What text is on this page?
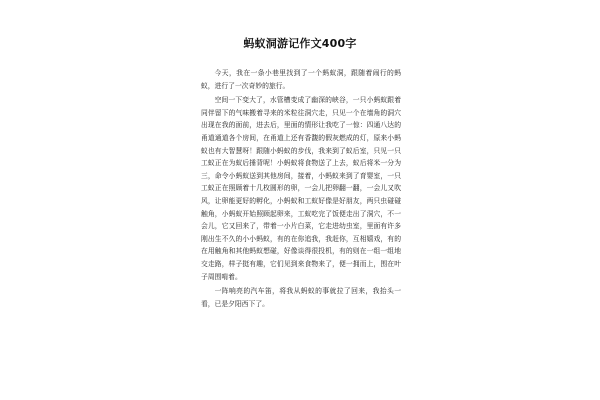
蚂蚁洞游记作文400字

今天，我在一条小巷里找到了一个蚂蚁洞，跟随着闹行的蚂蚁，进行了一次奇妙的旅行。

空间一下变大了，水管槽变成了幽深的峡谷，一只小蚂蚁跟着同伴留下的气味搬着寻来的米粒往洞穴走，只见一个在墙角的洞穴出现在我的面前，进去后，里面的情形让我吃了一惊：四通八达的甬道通道各个房间，在甬道上还有香馥的假灰燃成的灯，原来小蚂蚁也有大智慧呀！跟随小蚂蚁的步伐，我来到了蚁后室，只见一只工蚁正在为蚁后捶背呢！小蚂蚁将食物送了上去，蚁后将米一分为三，命令小蚂蚁送到其他房间，接着，小蚂蚁来到了育婴室，一只工蚁正在照顾着十几枚圆形的卵，一会儿把卵翻一翻，一会儿又吹风，让卵能更好的孵化，小蚂蚁和工蚁好像是好朋友，两只虫碰碰触角，小蚂蚁开始照顾起卵来，工蚁吃完了饭便走出了洞穴，不一会儿，它又回来了，带着一小片白菜，它走进幼虫室，里面有许多刚出生不久的小小蚂蚁，有的在你追我，我赶你，互相嬉戏，有的在用触角和其他蚂蚁想碰，好像谈得很投机，有的则在一组一组地交走路，样子挺有趣，它们见到来食物来了，便一拥而上，围在叶子周围啃着。

一阵响亮的汽车笛，将我从蚂蚁的事就拉了回来，我抬头一看，已是夕阳西下了。
